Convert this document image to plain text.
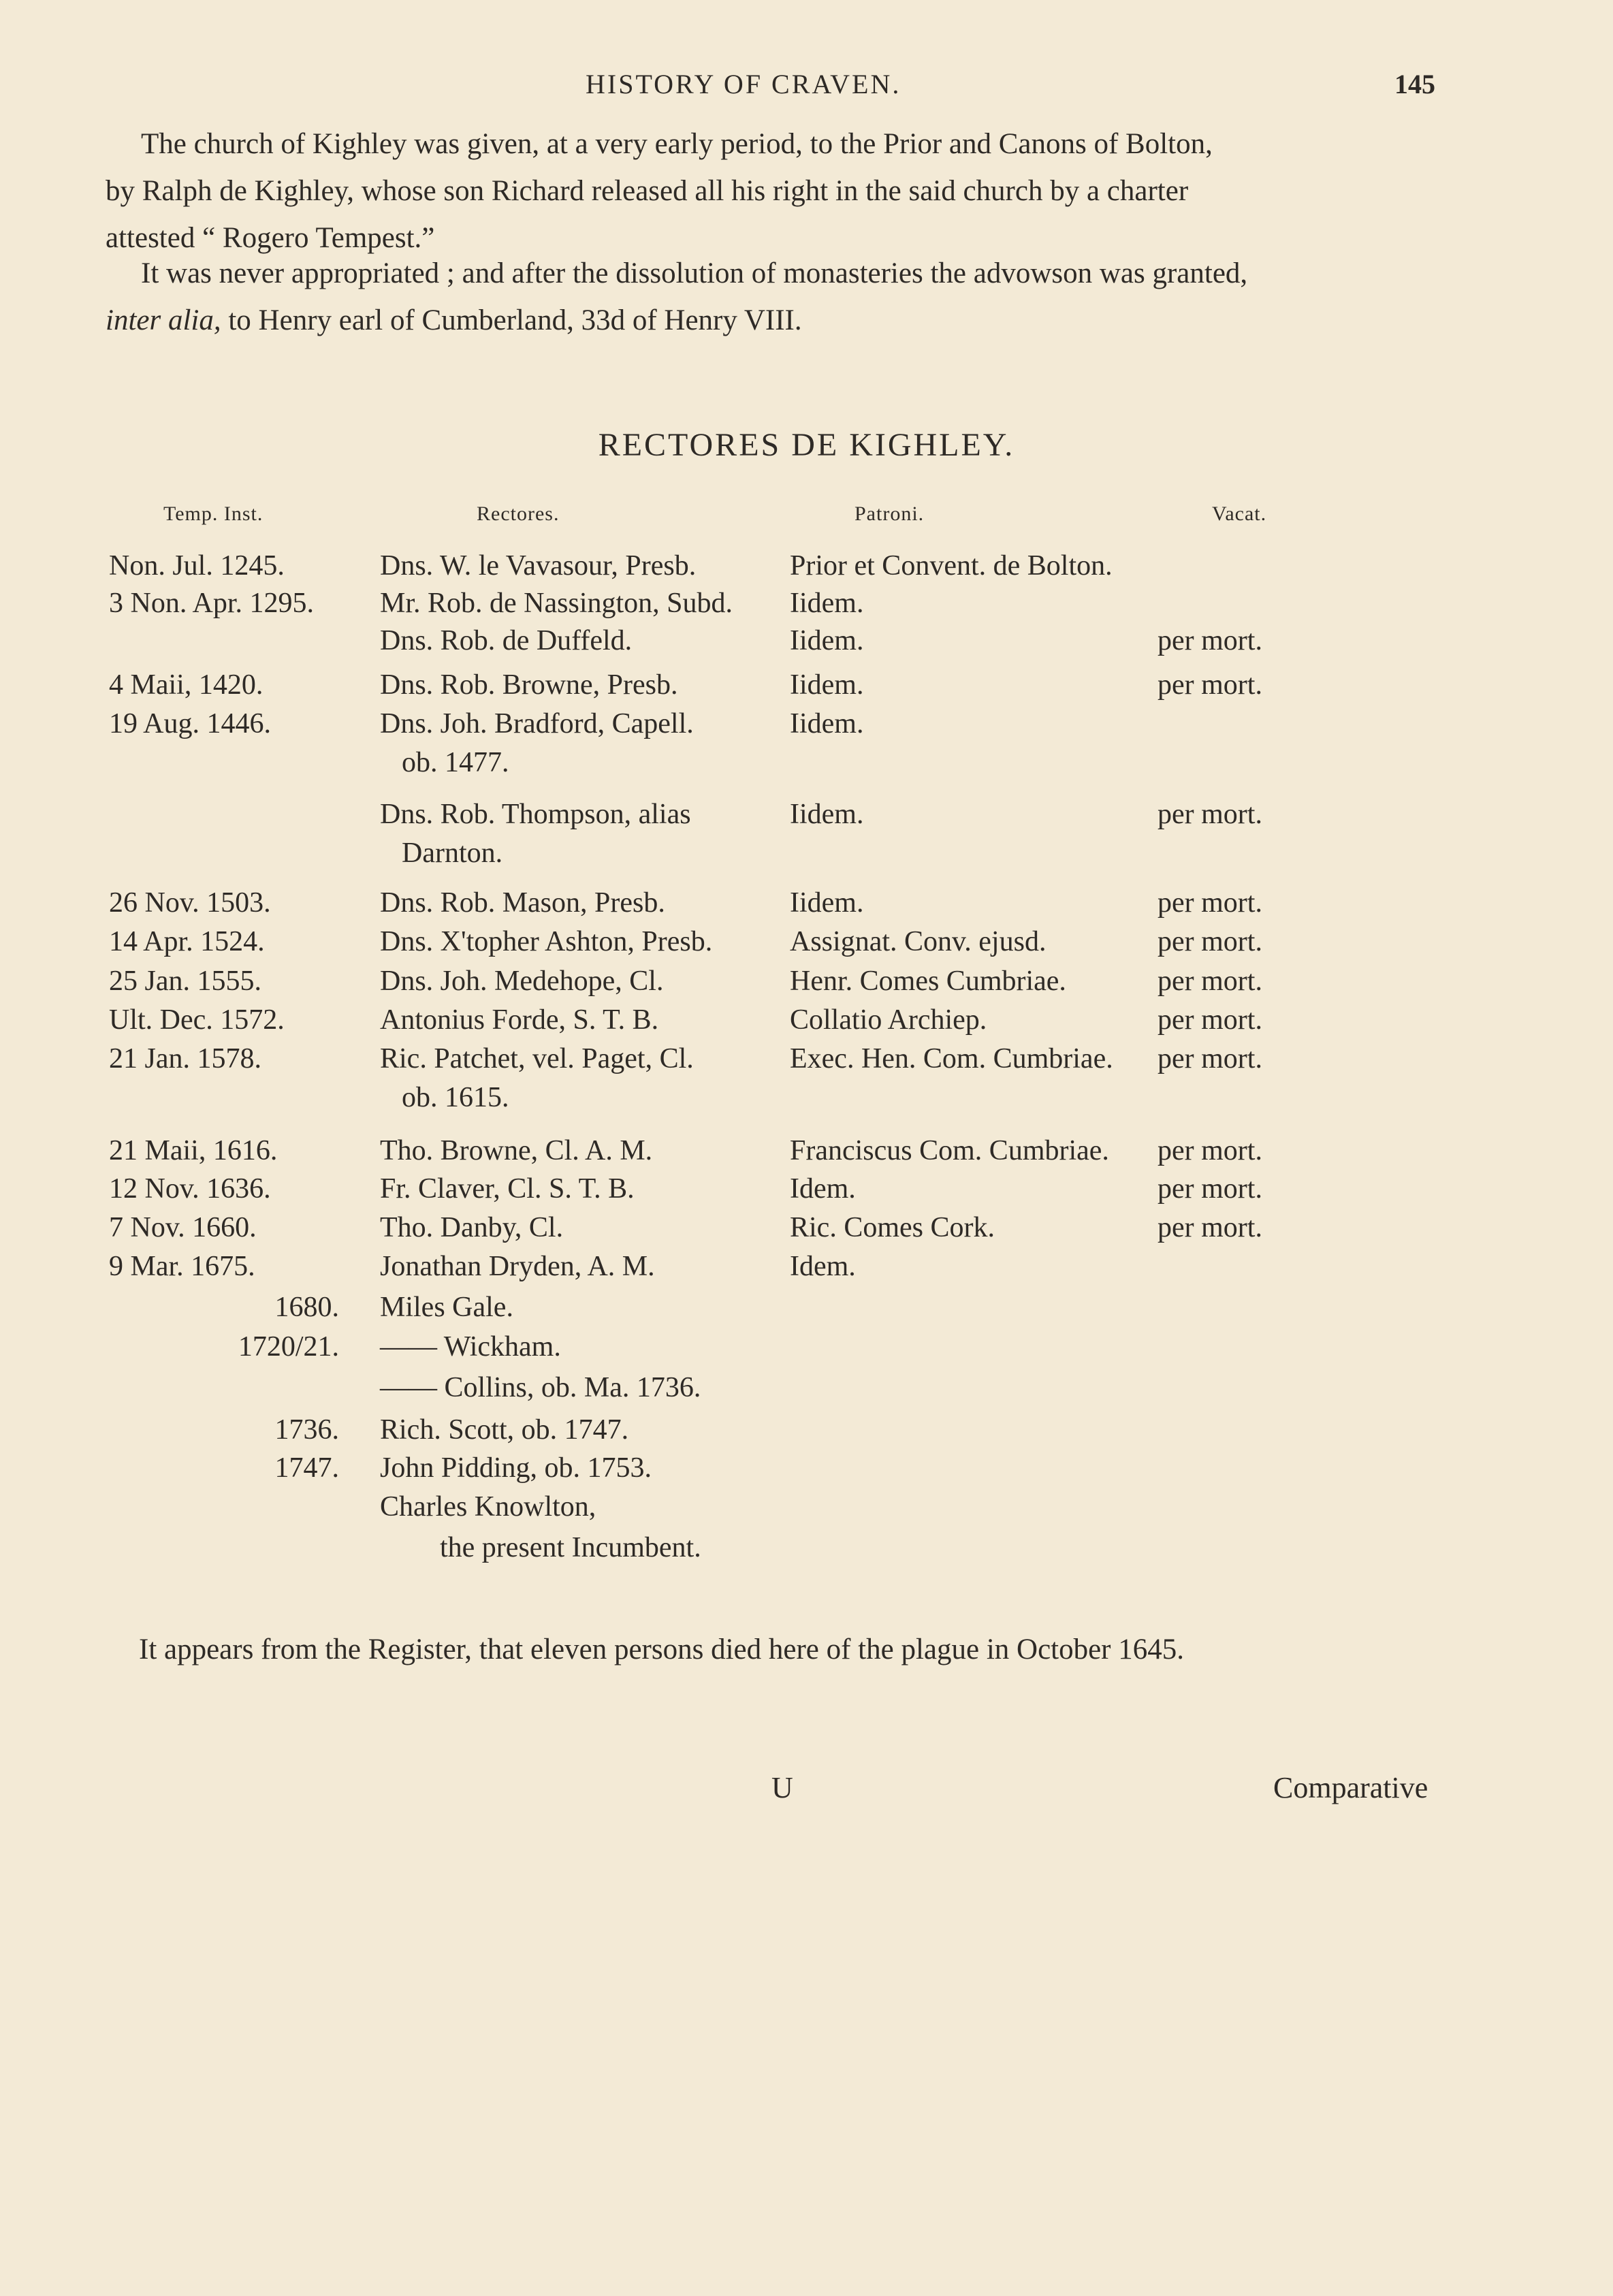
HISTORY OF CRAVEN.	145
The church of Kighley was given, at a very early period, to the Prior and Canons of Bolton,
by Ralph de Kighley, whose son Richard released all his right in the said church by a charter
attested “ Rogero Tempest.”
It was never appropriated ; and after the dissolution of monasteries the advowson was granted,
inter alia, to Henry earl of Cumberland, 33d of Henry VIII.
RECTORES DE KIGHLEY.
Temp. Inst.	Rectores.	Patroni.	Vacat.
Non. Jul. 1245.	Dns. W. le Vavasour, Presb.	Prior et Convent. de Bolton.
3 Non. Apr. 1295. Mr. Rob. de Nassington, Subd. Iidem.
Dns. Rob. de Duffeld.	Iidem.	per mort.
4 Maii, 1420.	Dns. Rob. Browne, Presb.	Iidem.	per mort.
19 Aug. 1446.	Dns. Joh. Bradford, Capell.	Iidem.
ob. 1477.
Dns. Rob. Thompson, alias	Iidem.	per mort.
Darnton.
26 Nov. 1503.	Dns. Rob. Mason, Presb.	Iidem.	per mort.
14 Apr. 1524.	Dns. X'topher Ashton, Presb.	Assignat. Conv. ejusd.	per mort.
25 Jan. 1555.	Dns. Joh. Medehope, Cl.	Henr. Comes Cumbriae.	per mort.
Ult. Dec. 1572.	Antonius Forde, S. T. B.	Collatio Archiep.	per mort.
21 Jan. 1578.	Ric. Patchet, vel. Paget, Cl.	Exec. Hen. Com. Cumbriae. per mort.
ob. 1615.
21 Maii, 1616.	Tho. Browne, Cl. A. M.	Franciscus Com. Cumbriae. per mort.
12 Nov. 1636.	Fr. Claver, Cl. S. T. B.	Idem.	per mort.
7 Nov. 1660.	Tho. Danby, Cl.	Ric. Comes Cork.	per mort.
9 Mar. 1675.	Jonathan Dryden, A. M.	Idem.
1680. Miles Gale.
1720/21. —— Wickham.
—— Collins, ob. Ma. 1736.
1736. Rich. Scott, ob. 1747.
1747. John Pidding, ob. 1753.
Charles Knowlton,
the present Incumbent.
It appears from the Register, that eleven persons died here of the plague in October 1645.
U	Comparative
